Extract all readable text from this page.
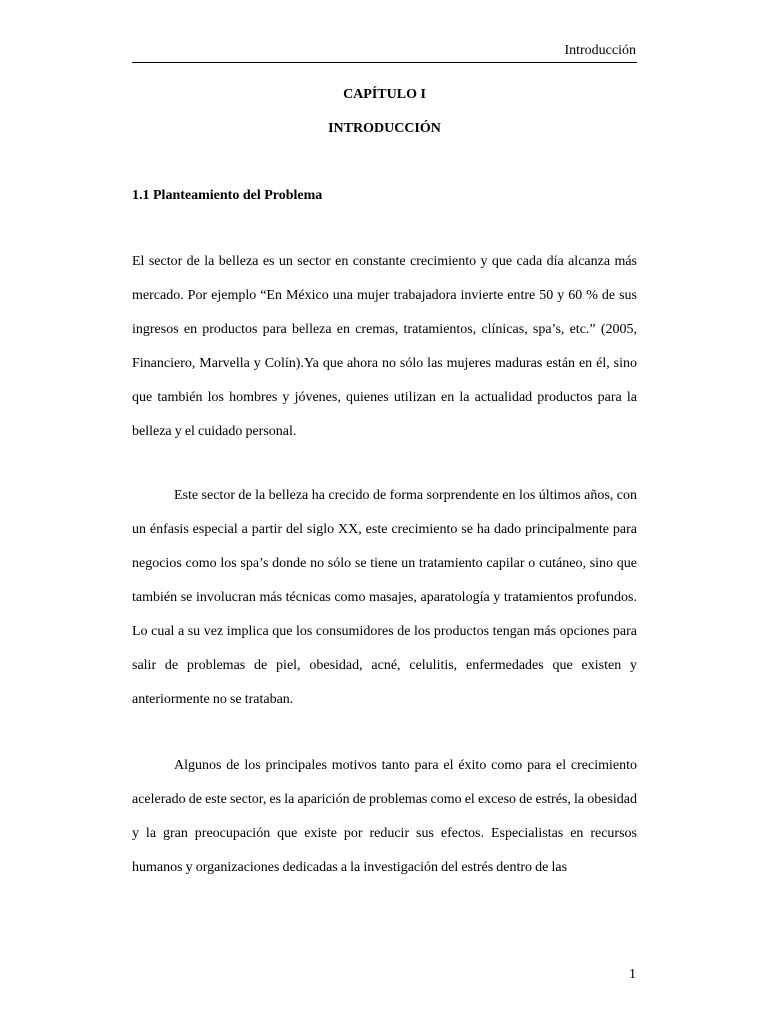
Introducción
CAPÍTULO I
INTRODUCCIÓN
1.1 Planteamiento del Problema

El sector de la belleza es un sector en constante crecimiento y que cada día alcanza más mercado. Por ejemplo “En México una mujer trabajadora invierte entre 50 y 60 % de sus ingresos en productos para belleza en cremas, tratamientos, clínicas, spa’s, etc.” (2005, Financiero, Marvella y Colín).Ya que ahora no sólo las mujeres maduras están en él, sino que también los hombres y jóvenes, quienes utilizan en la actualidad productos para la belleza y el cuidado personal.

Este sector de la belleza ha crecido de forma sorprendente en los últimos años, con un énfasis especial a partir del siglo XX, este crecimiento se ha dado principalmente para negocios como los spa’s donde no sólo se tiene un tratamiento capilar o cutáneo, sino que también se involucran más técnicas como masajes, aparatología y tratamientos profundos. Lo cual a su vez implica que los consumidores de los productos tengan más opciones para salir de problemas de piel, obesidad, acné, celulitis, enfermedades que existen y anteriormente no se trataban.

Algunos de los principales motivos tanto para el éxito como para el crecimiento acelerado de este sector, es la aparición de problemas como el exceso de estrés, la obesidad y la gran preocupación que existe por reducir sus efectos. Especialistas en recursos humanos y organizaciones dedicadas a la investigación del estrés dentro de las

1
